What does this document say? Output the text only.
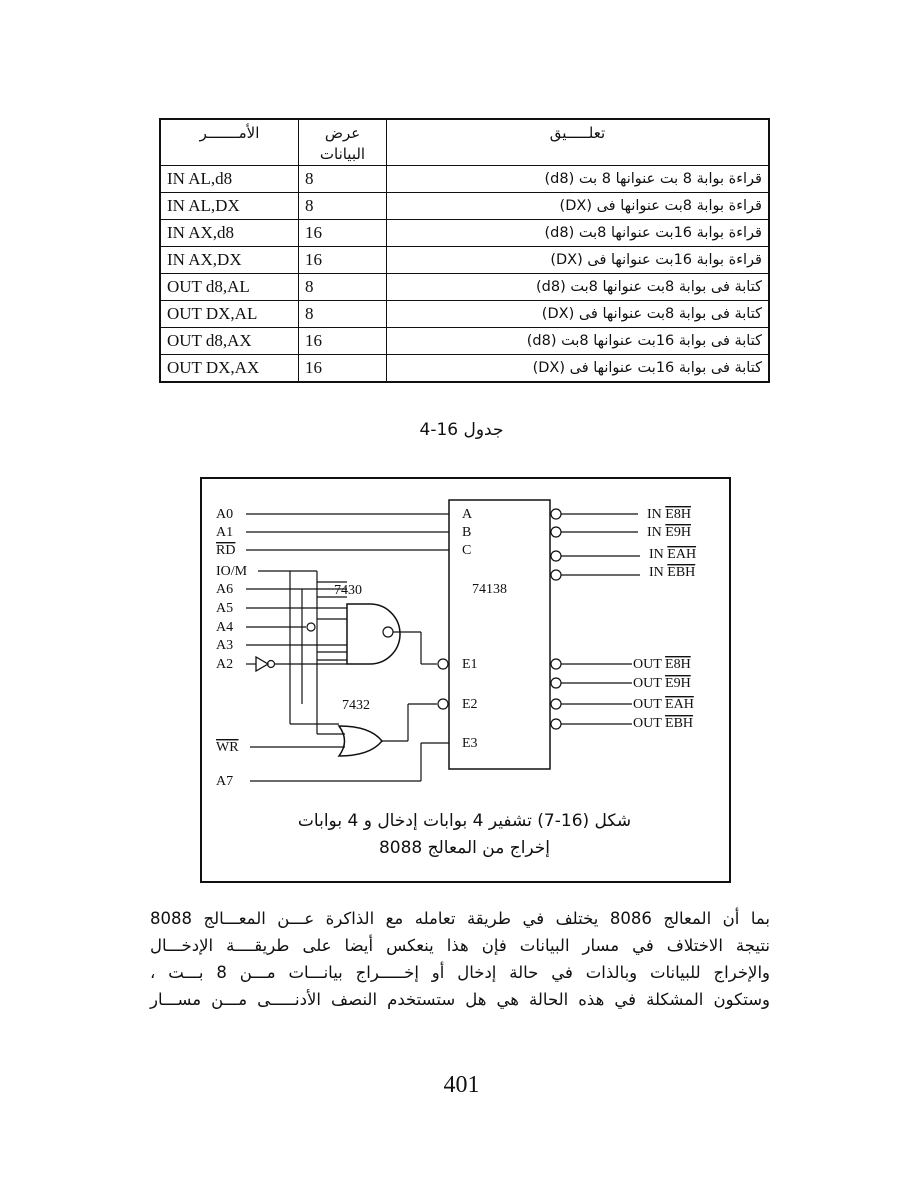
الأمـــــــر	عرض البيانات	تعلـــــيق
IN AL,d8	8	قراءة بوابة 8 بت عنوانها 8 بت (d8)
IN AL,DX	8	قراءة بوابة 8بت عنوانها فى (DX)
IN AX,d8	16	قراءة بوابة 16بت عنوانها 8بت (d8)
IN AX,DX	16	قراءة بوابة 16بت عنوانها فى (DX)
OUT d8,AL	8	كتابة فى بوابة 8بت عنوانها 8بت (d8)
OUT DX,AL	8	كتابة فى بوابة 8بت عنوانها فى (DX)
OUT d8,AX	16	كتابة فى بوابة 16بت عنوانها 8بت (d8)
OUT DX,AX	16	كتابة فى بوابة 16بت عنوانها فى (DX)
جدول 16-4
A0
A1
RD
IO/M
A6
A5
A4
A3
A2
WR
A7
7430
7432
74138
A
B
C
E1
E2
E3
IN E8H
IN E9H
IN EAH
IN EBH
OUT E8H
OUT E9H
OUT EAH
OUT EBH
شكل (16-7) تشفير 4 بوابات إدخال و 4 بوابات
إخراج من المعالج 8088

بما أن المعالج 8086 يختلف في طريقة تعامله مع الذاكرة عـــن المعـــالج 8088

نتيجة الاختلاف في مسار البيانات فإن هذا ينعكس أيضا على طريقــــة الإدخـــال

والإخراج للبيانات وبالذات في حالة إدخال أو إخـــــراج بيانـــات مـــن 8 بـــت ،

وستكون المشكلة في هذه الحالة هي هل ستستخدم النصف الأدنـــــى مـــن مســـار

401
